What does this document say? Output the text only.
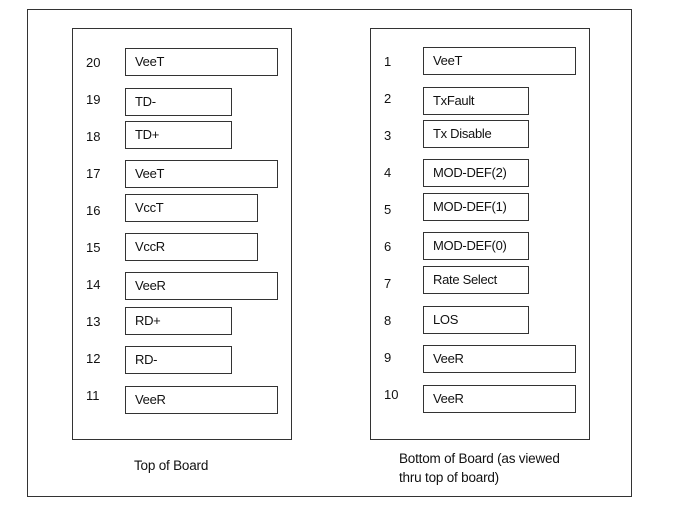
20	VeeT
19	TD-
18	TD+
17	VeeT
16	VccT
15	VccR
14	VeeR
13	RD+
12	RD-
11	VeeR
Top of Board
1	VeeT
2	TxFault
3	Tx Disable
4	MOD-DEF(2)
5	MOD-DEF(1)
6	MOD-DEF(0)
7	Rate Select
8	LOS
9	VeeR
10	VeeR
Bottom of Board (as viewed
thru top of board)
